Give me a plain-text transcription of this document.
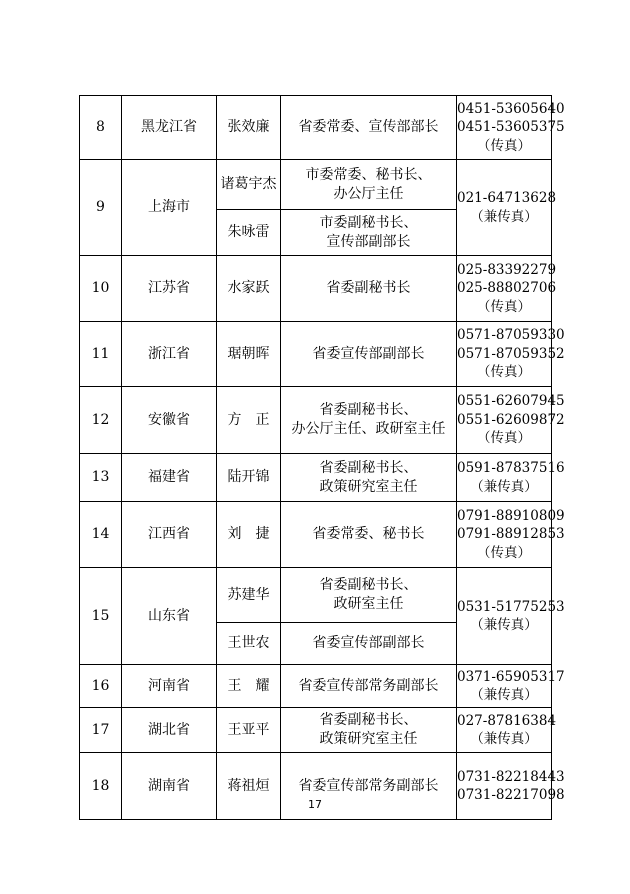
8	黑龙江省	张效廉	省委常委、宣传部部长	0451-53605640
0451-53605375
（传真）

9	上海市	诸葛宇杰	市委常委、秘书长、
办公厅主任	021-64713628
（兼传真）

		朱咏雷	市委副秘书长、
宣传部副部长	

10	江苏省	水家跃	省委副秘书长	025-83392279
025-88802706
（传真）

11	浙江省	琚朝晖	省委宣传部副部长	0571-87059330
0571-87059352
（传真）

12	安徽省	方　正	省委副秘书长、
办公厅主任、政研室主任	0551-62607945
0551-62609872
（传真）

13	福建省	陆开锦	省委副秘书长、
政策研究室主任	0591-87837516
（兼传真）

14	江西省	刘　捷	省委常委、秘书长	0791-88910809
0791-88912853
（传真）

15	山东省	苏建华	省委副秘书长、
政研室主任	0531-51775253
（兼传真）

		王世农	省委宣传部副部长	

16	河南省	王　耀	省委宣传部常务副部长	0371-65905317
（兼传真）

17	湖北省	王亚平	省委副秘书长、
政策研究室主任	027-87816384
（兼传真）

18	湖南省	蒋祖烜	省委宣传部常务副部长	0731-82218443
0731-82217098
17
